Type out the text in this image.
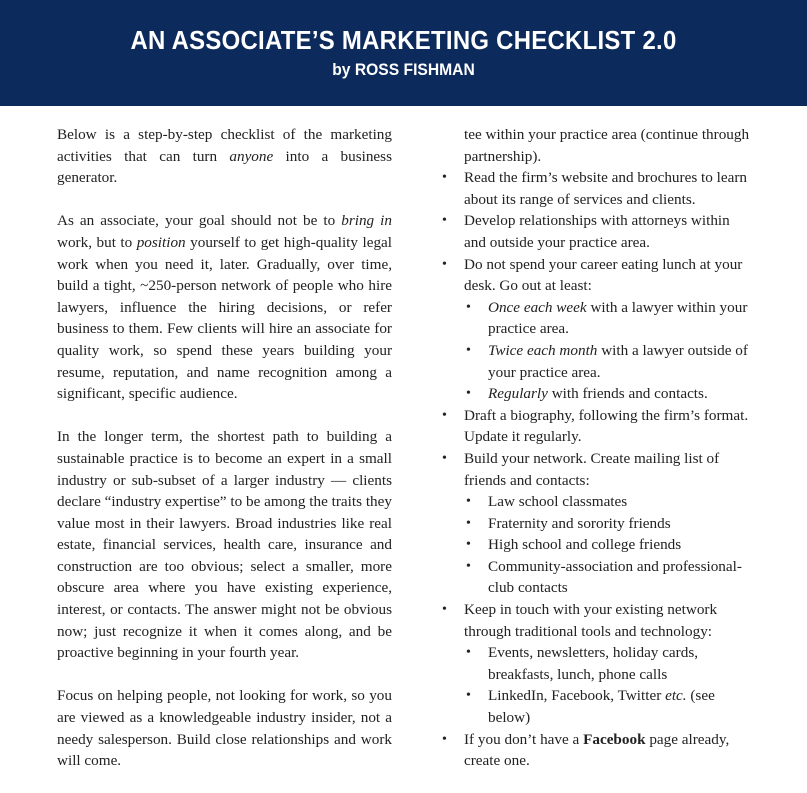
AN ASSOCIATE’S MARKETING CHECKLIST 2.0
by ROSS FISHMAN

Below is a step-by-step checklist of the marketing activities that can turn anyone into a business generator.

As an associate, your goal should not be to bring in work, but to position yourself to get high-quality legal work when you need it, later. Gradually, over time, build a tight, ~250-person network of people who hire lawyers, influence the hiring decisions, or refer business to them. Few clients will hire an associate for quality work, so spend these years building your resume, reputation, and name recognition among a significant, specific audience.

In the longer term, the shortest path to building a sustainable practice is to become an expert in a small industry or sub-subset of a larger industry — clients declare “industry expertise” to be among the traits they value most in their lawyers. Broad industries like real estate, financial services, health care, insurance and construction are too obvious; select a smaller, more obscure area where you have existing experience, interest, or contacts. The answer might not be obvious now; just recognize it when it comes along, and be proactive beginning in your fourth year.

Focus on helping people, not looking for work, so you are viewed as a knowledgeable industry insider, not a needy salesperson. Build close relationships and work will come.

tee within your practice area (continue through partnership).
•	Read the firm’s website and brochures to learn about its range of services and clients.
•	Develop relationships with attorneys within and outside your practice area.
•	Do not spend your career eating lunch at your desk. Go out at least:
•	Once each week with a lawyer within your practice area.
•	Twice each month with a lawyer outside of your practice area.
•	Regularly with friends and contacts.
•	Draft a biography, following the firm’s format. Update it regularly.
•	Build your network. Create mailing list of friends and contacts:
•	Law school classmates
•	Fraternity and sorority friends
•	High school and college friends
•	Community-association and professional-club contacts
•	Keep in touch with your existing network through traditional tools and technology:
•	Events, newsletters, holiday cards, breakfasts, lunch, phone calls
•	LinkedIn, Facebook, Twitter etc. (see below)
•	If you don’t have a Facebook page already, create one.
